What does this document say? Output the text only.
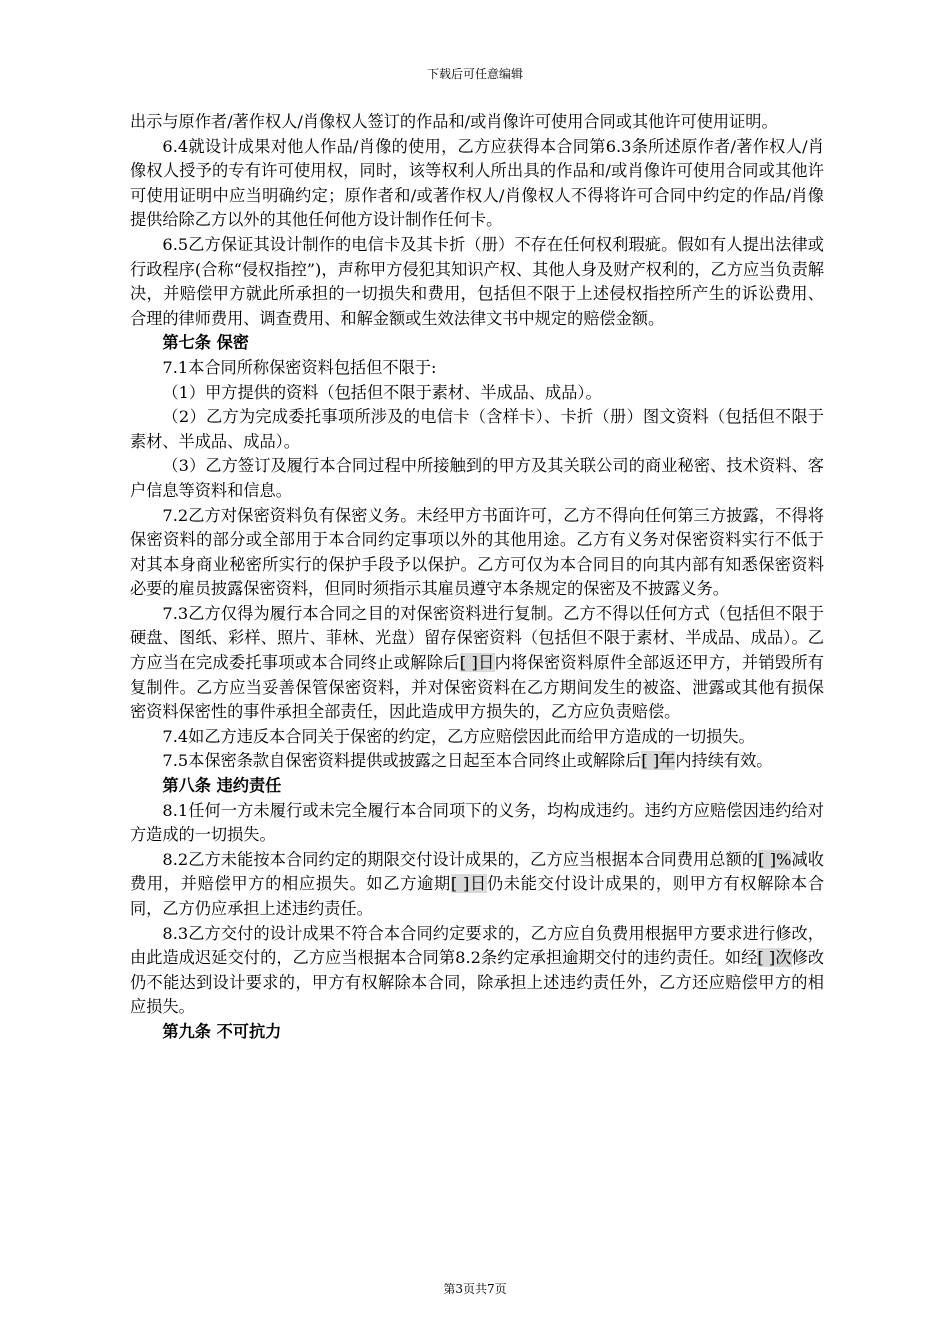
下载后可任意编辑

出示与原作者/著作权人/肖像权人签订的作品和/或肖像许可使用合同或其他许可使用证明。

6.4就设计成果对他人作品/肖像的使用，乙方应获得本合同第6.3条所述原作者/著作权人/肖像权人授予的专有许可使用权，同时，该等权利人所出具的作品和/或肖像许可使用合同或其他许可使用证明中应当明确约定；原作者和/或著作权人/肖像权人不得将许可合同中约定的作品/肖像提供给除乙方以外的其他任何他方设计制作任何卡。

6.5乙方保证其设计制作的电信卡及其卡折（册）不存在任何权利瑕疵。假如有人提出法律或行政程序(合称“侵权指控”)，声称甲方侵犯其知识产权、其他人身及财产权利的，乙方应当负责解决，并赔偿甲方就此所承担的一切损失和费用，包括但不限于上述侵权指控所产生的诉讼费用、合理的律师费用、调查费用、和解金额或生效法律文书中规定的赔偿金额。

第七条 保密

7.1本合同所称保密资料包括但不限于:

（1）甲方提供的资料（包括但不限于素材、半成品、成品）。

（2）乙方为完成委托事项所涉及的电信卡（含样卡）、卡折（册）图文资料（包括但不限于素材、半成品、成品）。

（3）乙方签订及履行本合同过程中所接触到的甲方及其关联公司的商业秘密、技术资料、客户信息等资料和信息。

7.2乙方对保密资料负有保密义务。未经甲方书面许可，乙方不得向任何第三方披露，不得将保密资料的部分或全部用于本合同约定事项以外的其他用途。乙方有义务对保密资料实行不低于对其本身商业秘密所实行的保护手段予以保护。乙方可仅为本合同目的向其内部有知悉保密资料必要的雇员披露保密资料，但同时须指示其雇员遵守本条规定的保密及不披露义务。

7.3乙方仅得为履行本合同之目的对保密资料进行复制。乙方不得以任何方式（包括但不限于硬盘、图纸、彩样、照片、菲林、光盘）留存保密资料（包括但不限于素材、半成品、成品）。乙方应当在完成委托事项或本合同终止或解除后[ ]日内将保密资料原件全部返还甲方，并销毁所有复制件。乙方应当妥善保管保密资料，并对保密资料在乙方期间发生的被盗、泄露或其他有损保密资料保密性的事件承担全部责任，因此造成甲方损失的，乙方应负责赔偿。

7.4如乙方违反本合同关于保密的约定，乙方应赔偿因此而给甲方造成的一切损失。

7.5本保密条款自保密资料提供或披露之日起至本合同终止或解除后[ ]年内持续有效。

第八条 违约责任

8.1任何一方未履行或未完全履行本合同项下的义务，均构成违约。违约方应赔偿因违约给对方造成的一切损失。

8.2乙方未能按本合同约定的期限交付设计成果的，乙方应当根据本合同费用总额的[ ]%减收费用，并赔偿甲方的相应损失。如乙方逾期[ ]日仍未能交付设计成果的，则甲方有权解除本合同，乙方仍应承担上述违约责任。

8.3乙方交付的设计成果不符合本合同约定要求的，乙方应自负费用根据甲方要求进行修改，由此造成迟延交付的，乙方应当根据本合同第8.2条约定承担逾期交付的违约责任。如经[ ]次修改仍不能达到设计要求的，甲方有权解除本合同，除承担上述违约责任外，乙方还应赔偿甲方的相应损失。

第九条 不可抗力

第3页共7页
